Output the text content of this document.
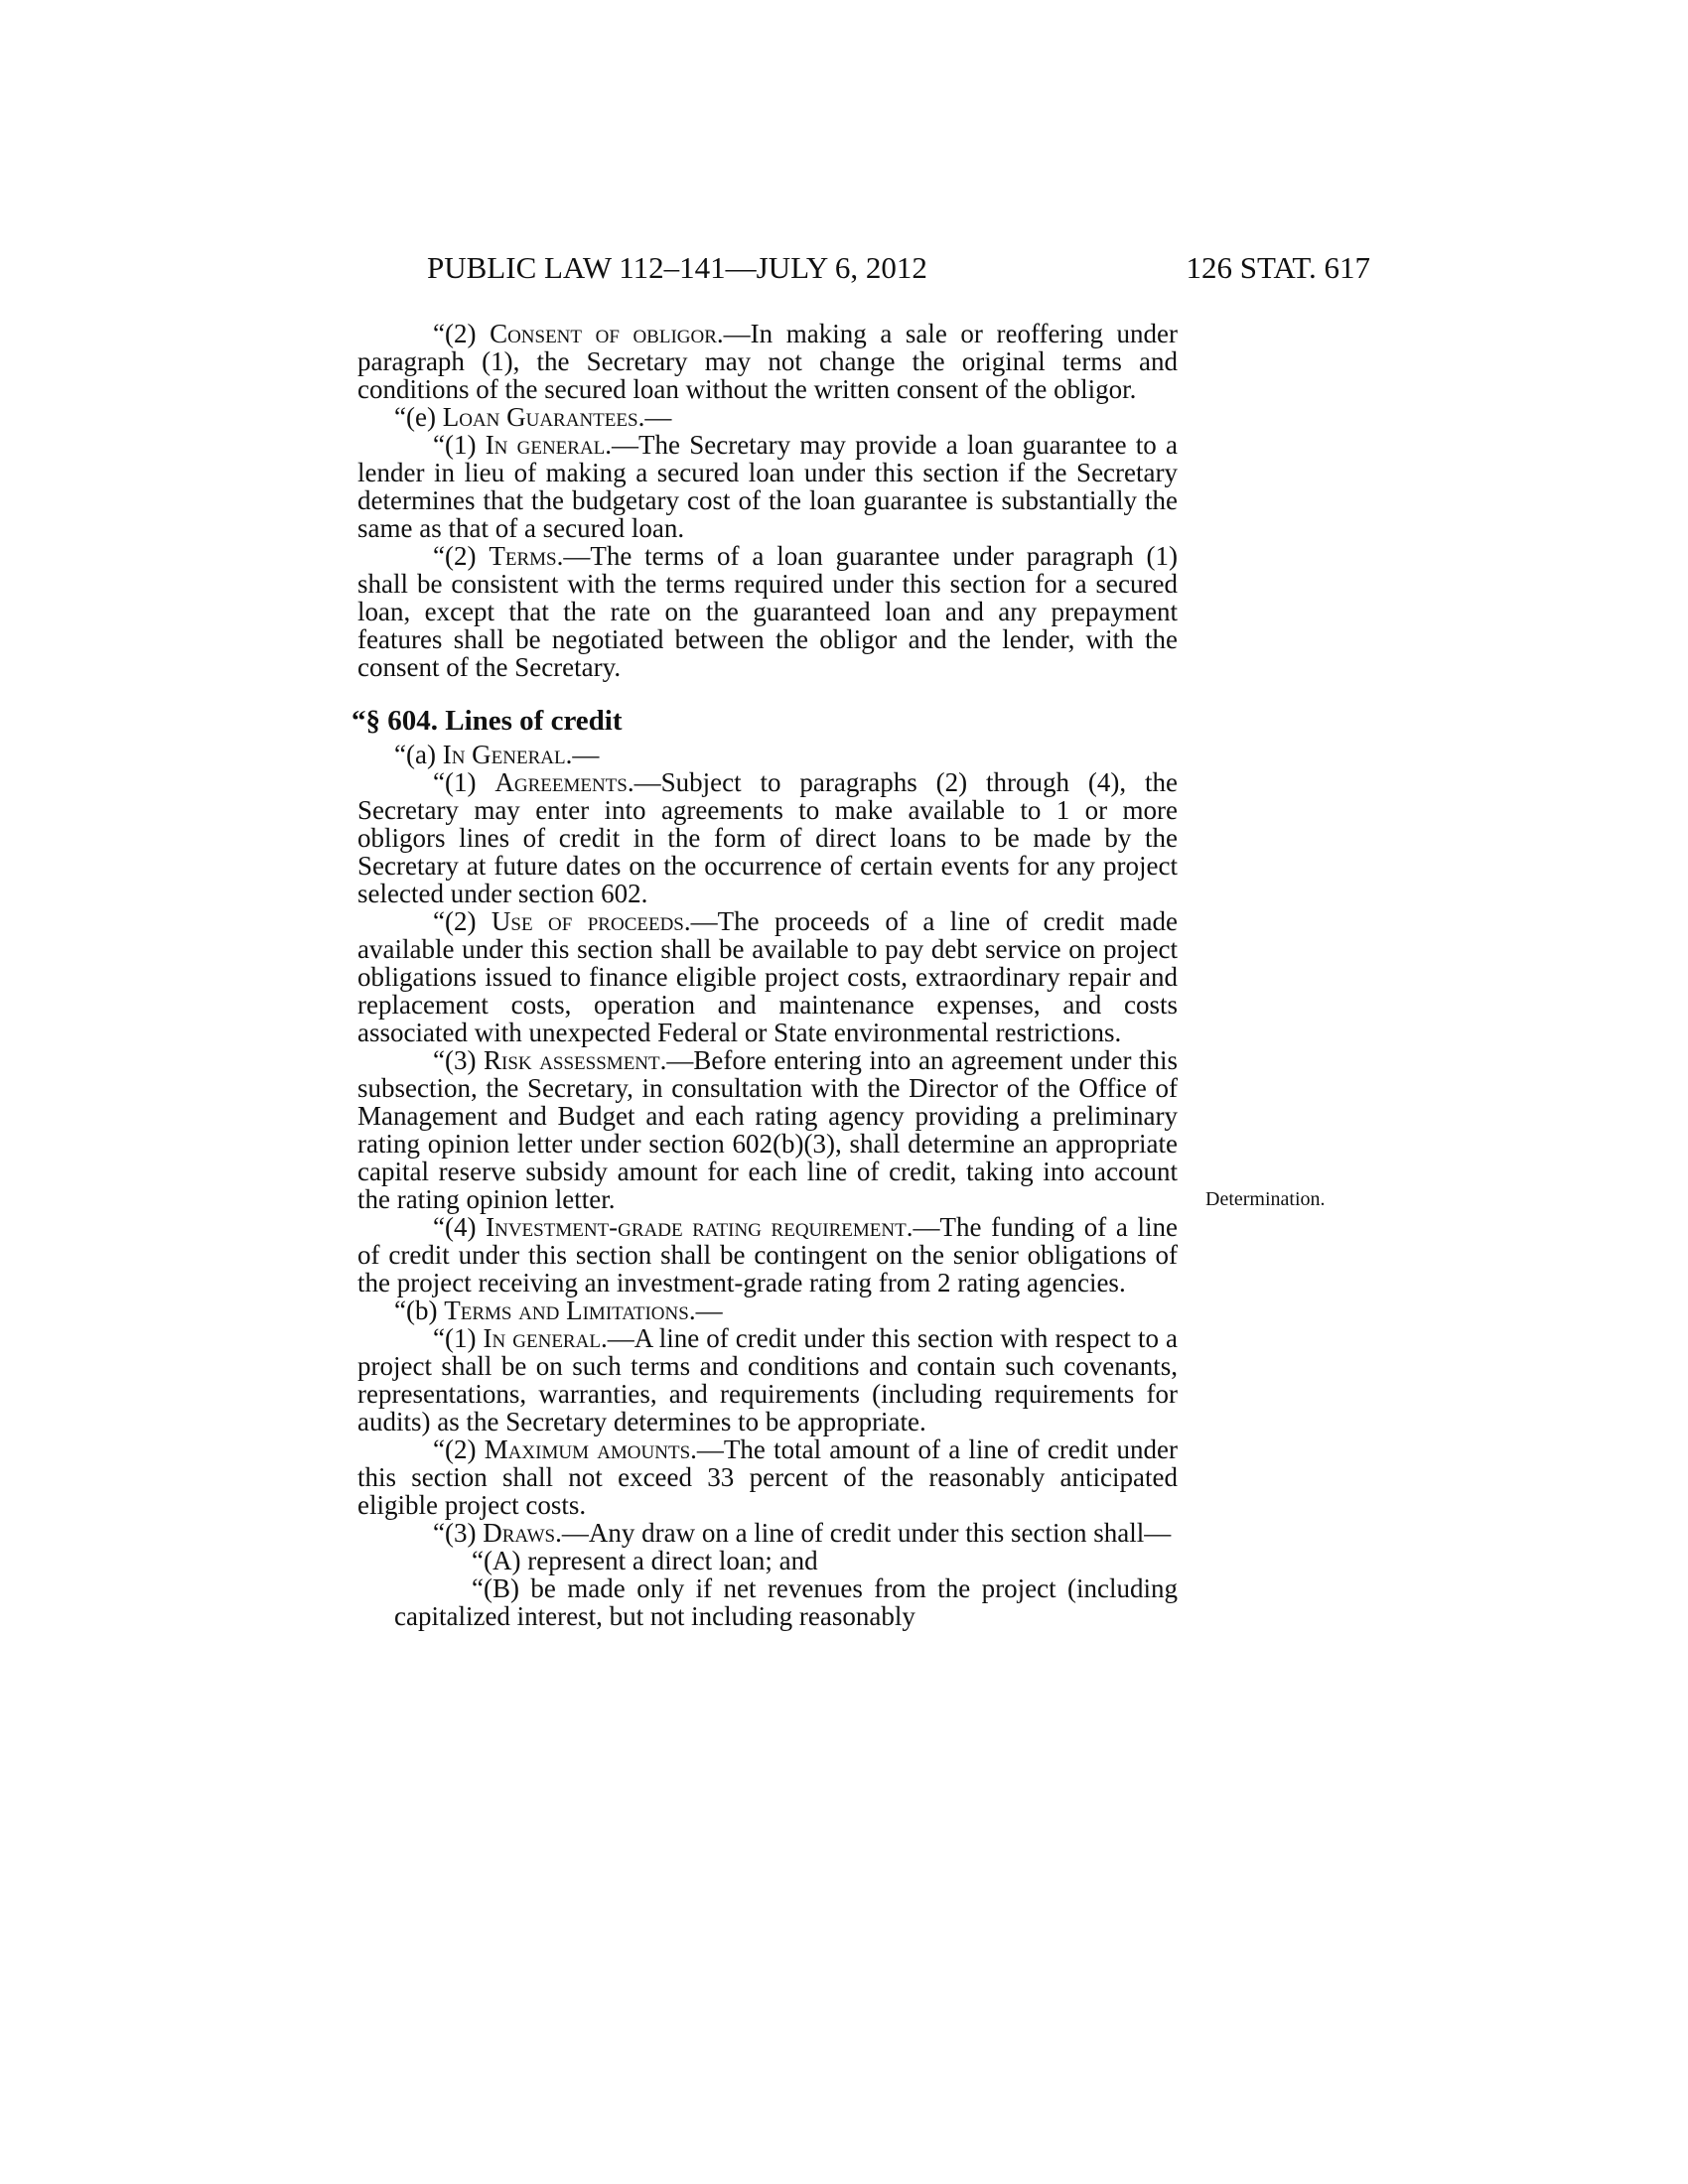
PUBLIC LAW 112–141—JULY 6, 2012	126 STAT. 617

“(2) Consent of obligor.—In making a sale or reoffering under paragraph (1), the Secretary may not change the original terms and conditions of the secured loan without the written consent of the obligor.

“(e) Loan Guarantees.—

“(1) In general.—The Secretary may provide a loan guarantee to a lender in lieu of making a secured loan under this section if the Secretary determines that the budgetary cost of the loan guarantee is substantially the same as that of a secured loan.

“(2) Terms.—The terms of a loan guarantee under paragraph (1) shall be consistent with the terms required under this section for a secured loan, except that the rate on the guaranteed loan and any prepayment features shall be negotiated between the obligor and the lender, with the consent of the Secretary.

“§ 604. Lines of credit

“(a) In General.—

“(1) Agreements.—Subject to paragraphs (2) through (4), the Secretary may enter into agreements to make available to 1 or more obligors lines of credit in the form of direct loans to be made by the Secretary at future dates on the occurrence of certain events for any project selected under section 602.

“(2) Use of proceeds.—The proceeds of a line of credit made available under this section shall be available to pay debt service on project obligations issued to finance eligible project costs, extraordinary repair and replacement costs, operation and maintenance expenses, and costs associated with unexpected Federal or State environmental restrictions.

“(3) Risk assessment.—Before entering into an agreement under this subsection, the Secretary, in consultation with the Director of the Office of Management and Budget and each rating agency providing a preliminary rating opinion letter under section 602(b)(3), shall determine an appropriate capital reserve subsidy amount for each line of credit, taking into account the rating opinion letter.

“(4) Investment-grade rating requirement.—The funding of a line of credit under this section shall be contingent on the senior obligations of the project receiving an investment-grade rating from 2 rating agencies.

“(b) Terms and Limitations.—

“(1) In general.—A line of credit under this section with respect to a project shall be on such terms and conditions and contain such covenants, representations, warranties, and requirements (including requirements for audits) as the Secretary determines to be appropriate.

“(2) Maximum amounts.—The total amount of a line of credit under this section shall not exceed 33 percent of the reasonably anticipated eligible project costs.

“(3) Draws.—Any draw on a line of credit under this section shall—

“(A) represent a direct loan; and

“(B) be made only if net revenues from the project (including capitalized interest, but not including reasonably

Determination.
